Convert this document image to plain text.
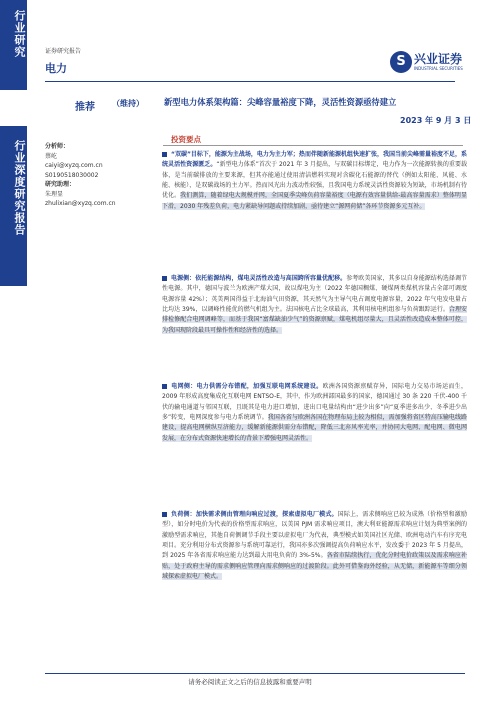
行业研究
行业深度研究报告
证券研究报告
电力	S 兴业证券
INDUSTRIAL SECURITIES
推荐 （维持） 新型电力体系架构篇：尖峰容量裕度下降，灵活性资源亟待建立
2023 年 9 月 3 日
分析师：
蔡屹
caiyi@xyzq.com.cn
S0190518030002
研究助理：
朱理显
zhulixian@xyzq.com.cn
投资要点

“双碳”目标下，能源为主战场，电力为主力军；热而伴随新能源机组快速扩张，我国当前尖峰需量裕度不足，系统灵活性资源匮乏。“新型电力体系”首次于 2021 年 3 月提出，与双碳目标绑定，电力作为一次能源转换的重要载体，是当前碳排放的主要来源，但其亦能通过使用清洁燃料实现对含碳化石能源的替代（例如太阳能、风能、水能、核能），是双碳战场的主力军。热而风光出力波动性较强，且我国电力系统灵活性资源较为短缺，市场机制有待优化。我们测算，随着绿电大规模并网，全国夏季尖峰负荷容量裕度（电源有效容量供给-最高容量需求）整体明显下滑，2030 年残差负荷，电力紧缺导问题或持续加剧，亟待建立“源网荷储”各环节资源多元互补。

电源侧：依托能源结构，煤电灵活性改造与高国跨所容量优配移。参考欧美国家，其多以自身能源结构选择调节性电源。其中，德国与波兰为欧洲产煤大国，故以煤电为主（2022 年德国稠煤、硬煤两类煤机容量占全部可调度电源容量 42%）；英美两国得益于北海油气田资源，其天然气为主导气电占调度电源容量，2022 年气电发电量占比均达 39%，以调峰性能优的燃气机组为主。法国核电占比全球最高，其利用核电机组参与负荷跟踪运行。合理安排检修配合电网调峰等，而基于我国“富煤缺油少气”的资源禀赋，煤电机组尽量大，且灵活性改造成本整体可控，为我国现阶段最具可操作性和经济性的选择。

电网侧：电力供需分布错配，加强互联电网系统建设。欧洲各国资源禀赋存异，国际电力交易市场运而生，2009 年形成高度集成化互联电网 ENTSO-E，其中，作为欧洲部国最多的国家，德国通过 30 条 220 千伏-400 千伏的输电通道与邻国互联，且既其是电力进口增加，进出口电量结构由“进少出多”向“夏季进多出少、冬季进少出多”转变，电网深度参与电力系统调节。我国各省与欧洲各国在物理布局上较为相似，需加强将省区特高压输电线路建设，提高电网横纵互济能力，缓解新能源供需分布错配，降低三北弃风率光率，并协同大电网、配电网、微电网发展，在分布式资源快速增长的背景下增强电网灵活性。

负荷侧：加快需求侧由管理向响应过渡，探索虚拟电厂模式。国际上，需求侧响应已较为成熟（价格型和激励型），如分时电价为代表的价格型需求响应，以美国 PJM 需求响应项目，澳大利亚能源需求响应计划为典型案例的激励型需求响应，其他自荷侧调节手段主要以虚拟电厂为代表，典型模式如美国社区光储、欧洲电动汽车有序充电项目。充分利用分布式资源参与系统可靠运行，我国亦多次强调提高负荷响应水平，发改委于 2023 年 5 月提出，到 2025 年各省需求响应能力达到最大用电负荷的 3%-5%。各省市陆续执行，优化分时电价政策以及需求响应补贴，处于政府主导的需求侧响应管理向需求侧响应的过渡阶段。此外可借鉴海外经验，从无储，新能源车等细分领域探索虚拟电厂模式。

请务必阅读正文之后的信息披露和重要声明
